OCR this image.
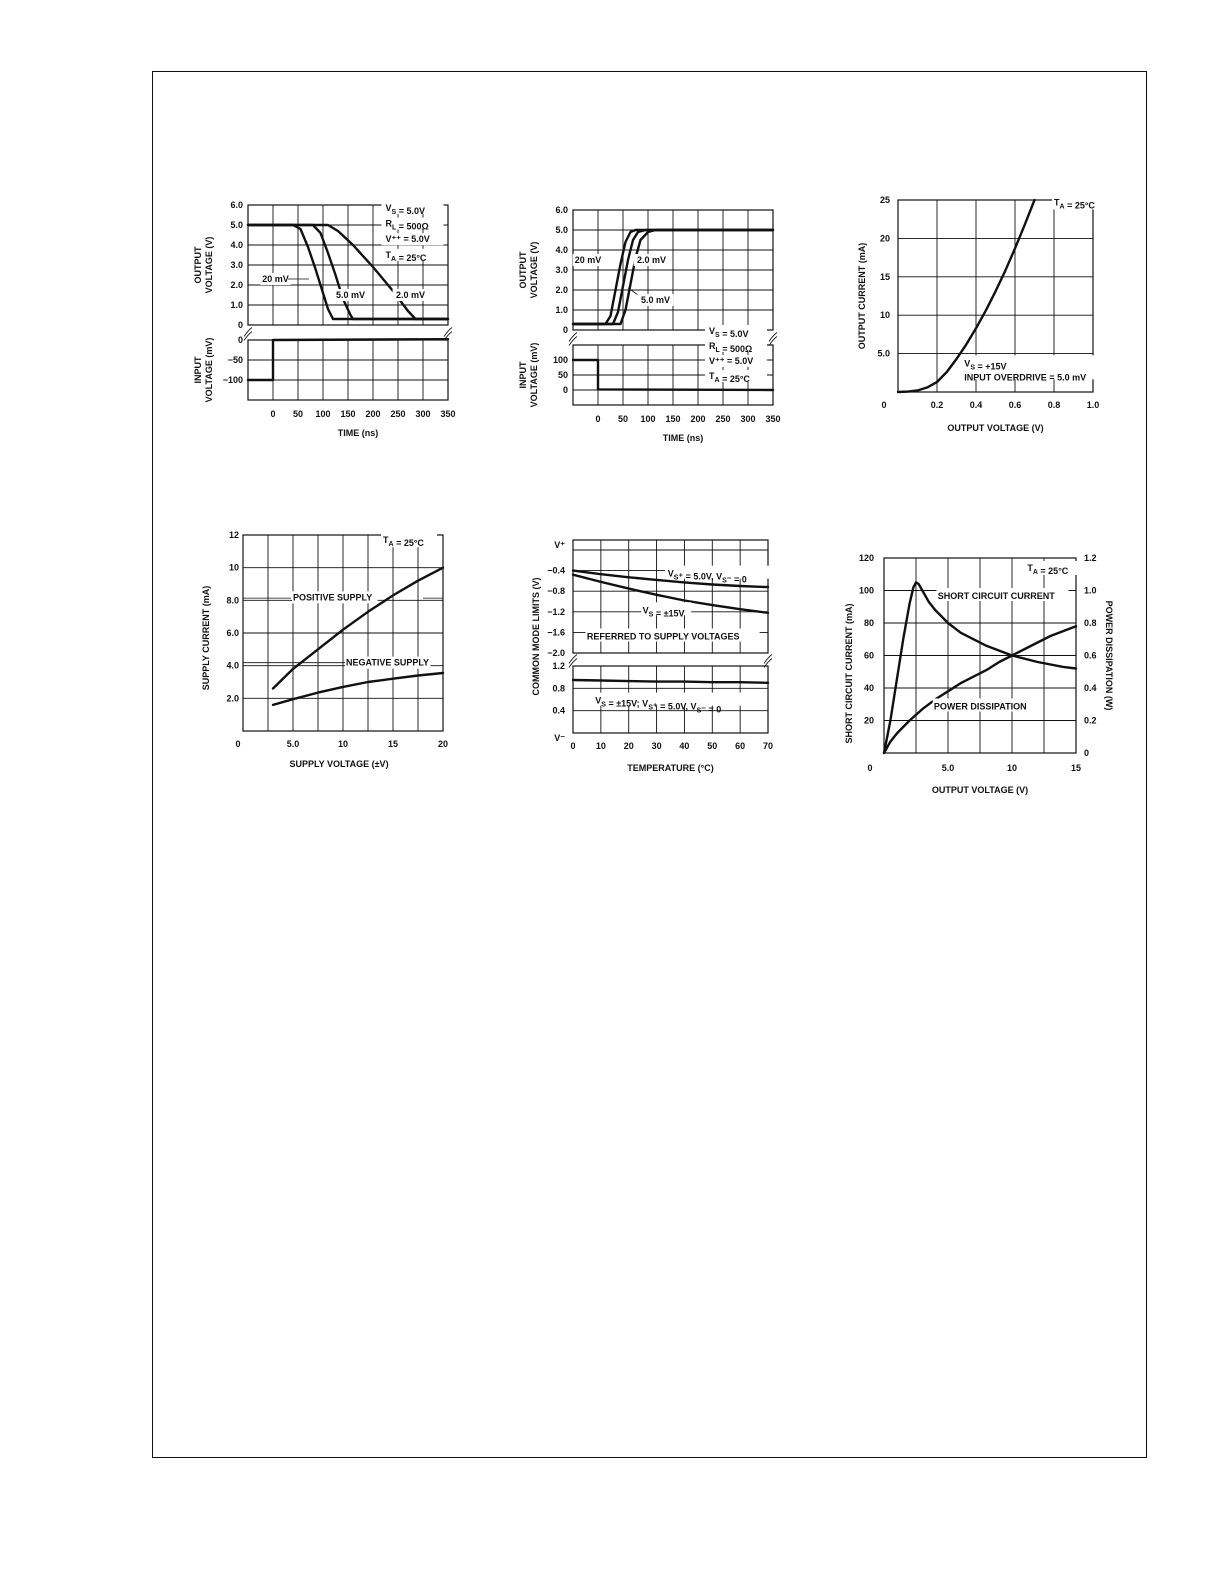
6.0
5.0
4.0
3.0
2.0
1.0
0
0
−50
−100
0 50 100 150 200 250 300 350
TIME (ns)
OUTPUT VOLTAGE (V)
INPUT VOLTAGE (mV)
20 mV
5.0 mV	2.0 mV
$V_S = 5.0V$
$R_L = 500\Omega$
V⁺⁺ = 5.0V
$T_A = 25^\circ C$
6.0
5.0
4.0
3.0
2.0
1.0
0
100
50
0
0 50 100 150 200 250 300 350
TIME (ns)
OUTPUT VOLTAGE (V)
INPUT VOLTAGE (mV)
20 mV	2.0 mV
5.0 mV
$V_S = 5.0V$
$R_L = 500\Omega$
V⁺⁺ = 5.0V
$T_A = 25^\circ C$
25
20
15
10
5.0
0	0.2	0.4	0.6	0.8	1.0
OUTPUT VOLTAGE (V)
OUTPUT CURRENT (mA)
$T_A = 25^\circ C$
$V_S = +15V$
INPUT OVERDRIVE = 5.0 mV
12
10
8.0
6.0
4.0
2.0
0	5.0	10	15	20
SUPPLY VOLTAGE (±V)
SUPPLY CURRENT (mA)
$T_A = 25^\circ C$
POSITIVE SUPPLY
NEGATIVE SUPPLY
V⁺
−0.4
−0.8
−1.2
−1.6
−2.0
1.2
0.8
0.4
V⁻
0 10 20 30 40 50 60 70
TEMPERATURE (°C)
COMMON MODE LIMITS (V)
$V_S^+ = 5.0V$, $V_S^- = 0$
$V_S = \pm 15V$
REFERRED TO SUPPLY VOLTAGES
$V_S = \pm 15V$; $V_S^+ = 5.0V$, $V_S^- = 0$
120
100
80
60
40
20
1.2
1.0
0.8
0.6
0.4
0.2
0
0	5.0	10	15
OUTPUT VOLTAGE (V)
SHORT CIRCUIT CURRENT (mA)	POWER DISSIPATION (W)
$T_A = 25^\circ C$
SHORT CIRCUIT CURRENT
POWER DISSIPATION
